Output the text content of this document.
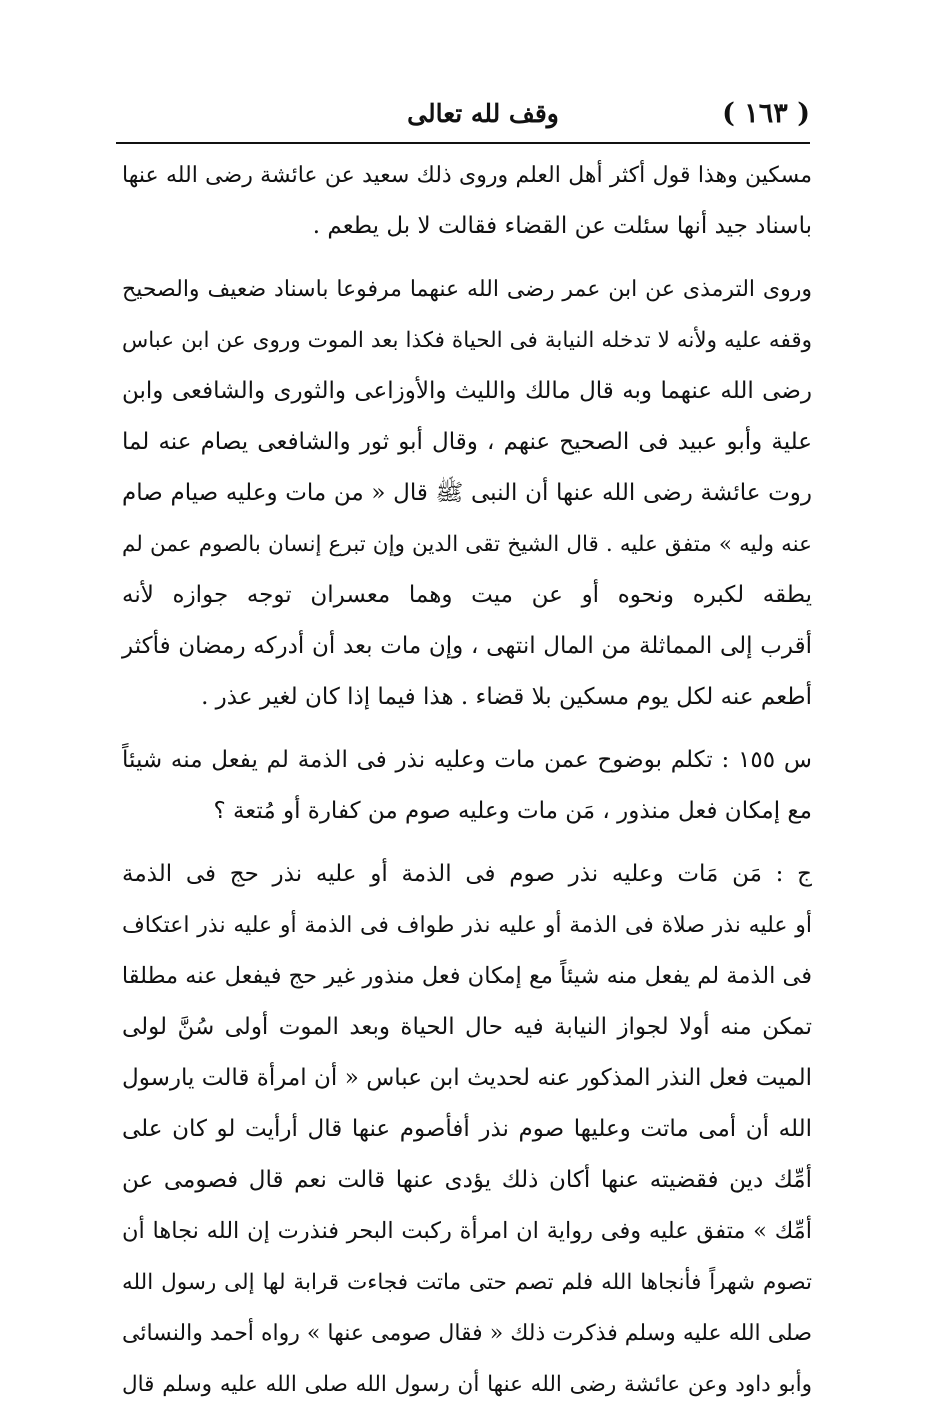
( ١٦٣ )
وقف لله تعالى
مسكين وهذا قول أكثر أهل العلم وروى ذلك سعيد عن عائشة رضى الله عنها
باسناد جيد أنها سئلت عن القضاء فقالت لا بل يطعم .
وروى الترمذى عن ابن عمر رضى الله عنهما مرفوعا باسناد ضعيف والصحيح
وقفه عليه ولأنه لا تدخله النيابة فى الحياة فكذا بعد الموت وروى عن ابن عباس
رضى الله عنهما وبه قال مالك والليث والأوزاعى والثورى والشافعى وابن
علية وأبو عبيد فى الصحيح عنهم ، وقال أبو ثور والشافعى يصام عنه لما
روت عائشة رضى الله عنها أن النبى ﷺ قال « من مات وعليه صيام صام
عنه وليه » متفق عليه . قال الشيخ تقى الدين وإن تبرع إنسان بالصوم عمن لم
يطقه لكبره ونحوه أو عن ميت وهما معسران توجه جوازه لأنه
أقرب إلى المماثلة من المال انتهى ، وإن مات بعد أن أدركه رمضان فأكثر
أطعم عنه لكل يوم مسكين بلا قضاء . هذا فيما إذا كان لغير عذر .
س ١٥٥ : تكلم بوضوح عمن مات وعليه نذر فى الذمة لم يفعل منه شيئاً
مع إمكان فعل منذور ، مَن مات وعليه صوم من كفارة أو مُتعة ؟
ج : مَن مَات وعليه نذر صوم فى الذمة أو عليه نذر حج فى الذمة
أو عليه نذر صلاة فى الذمة أو عليه نذر طواف فى الذمة أو عليه نذر اعتكاف
فى الذمة لم يفعل منه شيئاً مع إمكان فعل منذور غير حج فيفعل عنه مطلقا
تمكن منه أولا لجواز النيابة فيه حال الحياة وبعد الموت أولى سُنَّ لولى
الميت فعل النذر المذكور عنه لحديث ابن عباس « أن امرأة قالت يارسول
الله أن أمى ماتت وعليها صوم نذر أفأصوم عنها قال أرأيت لو كان على
أمِّك دين فقضيته عنها أكان ذلك يؤدى عنها قالت نعم قال فصومى عن
أمِّك » متفق عليه وفى رواية ان امرأة ركبت البحر فنذرت إن الله نجاها أن
تصوم شهراً فأنجاها الله فلم تصم حتى ماتت فجاءت قرابة لها إلى رسول الله
صلى الله عليه وسلم فذكرت ذلك « فقال صومى عنها » رواه أحمد والنسائى
وأبو داود وعن عائشة رضى الله عنها أن رسول الله صلى الله عليه وسلم قال
